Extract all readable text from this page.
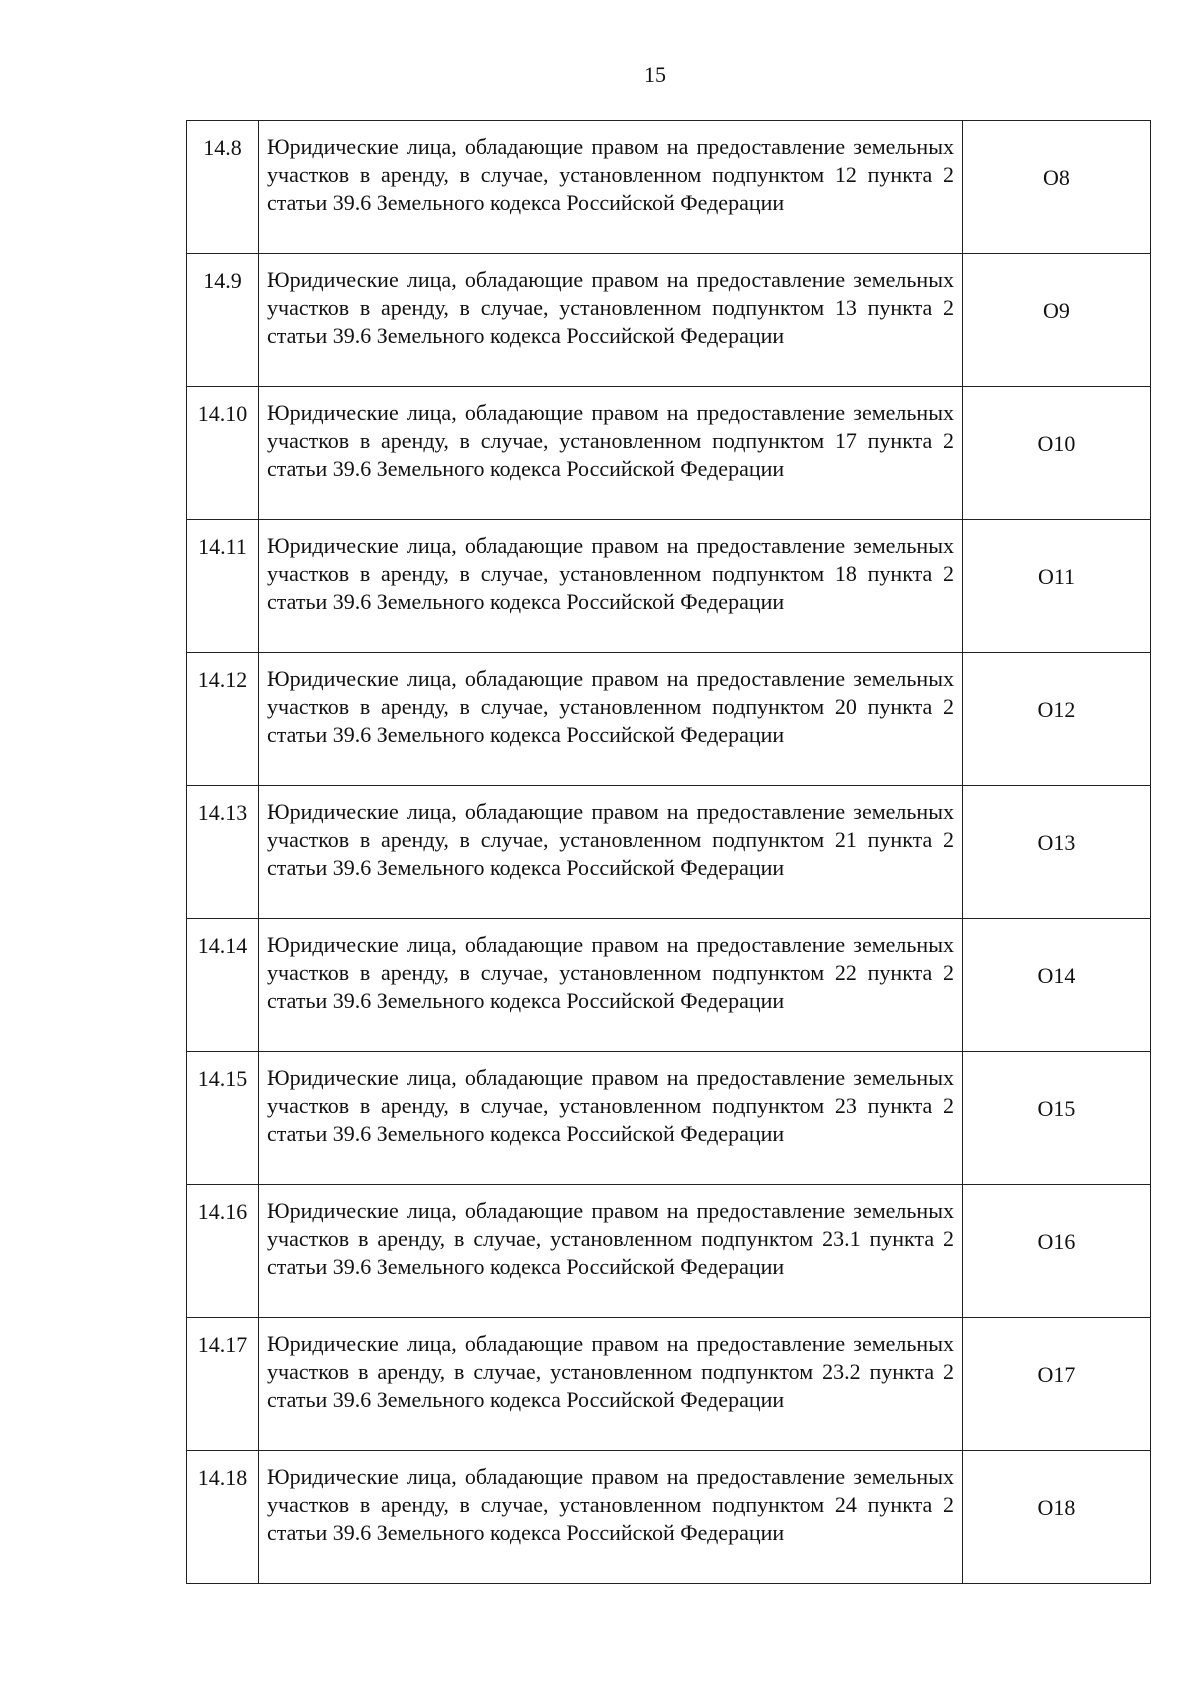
15
14.8	Юридические лица, обладающие правом на предоставление земельных участков в аренду, в случае, установленном подпунктом 12 пункта 2 статьи 39.6 Земельного кодекса Российской Федерации	О8
14.9	Юридические лица, обладающие правом на предоставление земельных участков в аренду, в случае, установленном подпунктом 13 пункта 2 статьи 39.6 Земельного кодекса Российской Федерации	О9
14.10	Юридические лица, обладающие правом на предоставление земельных участков в аренду, в случае, установленном подпунктом 17 пункта 2 статьи 39.6 Земельного кодекса Российской Федерации	О10
14.11	Юридические лица, обладающие правом на предоставление земельных участков в аренду, в случае, установленном подпунктом 18 пункта 2 статьи 39.6 Земельного кодекса Российской Федерации	О11
14.12	Юридические лица, обладающие правом на предоставление земельных участков в аренду, в случае, установленном подпунктом 20 пункта 2 статьи 39.6 Земельного кодекса Российской Федерации	О12
14.13	Юридические лица, обладающие правом на предоставление земельных участков в аренду, в случае, установленном подпунктом 21 пункта 2 статьи 39.6 Земельного кодекса Российской Федерации	О13
14.14	Юридические лица, обладающие правом на предоставление земельных участков в аренду, в случае, установленном подпунктом 22 пункта 2 статьи 39.6 Земельного кодекса Российской Федерации	О14
14.15	Юридические лица, обладающие правом на предоставление земельных участков в аренду, в случае, установленном подпунктом 23 пункта 2 статьи 39.6 Земельного кодекса Российской Федерации	О15
14.16	Юридические лица, обладающие правом на предоставление земельных участков в аренду, в случае, установленном подпунктом 23.1 пункта 2 статьи 39.6 Земельного кодекса Российской Федерации	О16
14.17	Юридические лица, обладающие правом на предоставление земельных участков в аренду, в случае, установленном подпунктом 23.2 пункта 2 статьи 39.6 Земельного кодекса Российской Федерации	О17
14.18	Юридические лица, обладающие правом на предоставление земельных участков в аренду, в случае, установленном подпунктом 24 пункта 2 статьи 39.6 Земельного кодекса Российской Федерации	О18
